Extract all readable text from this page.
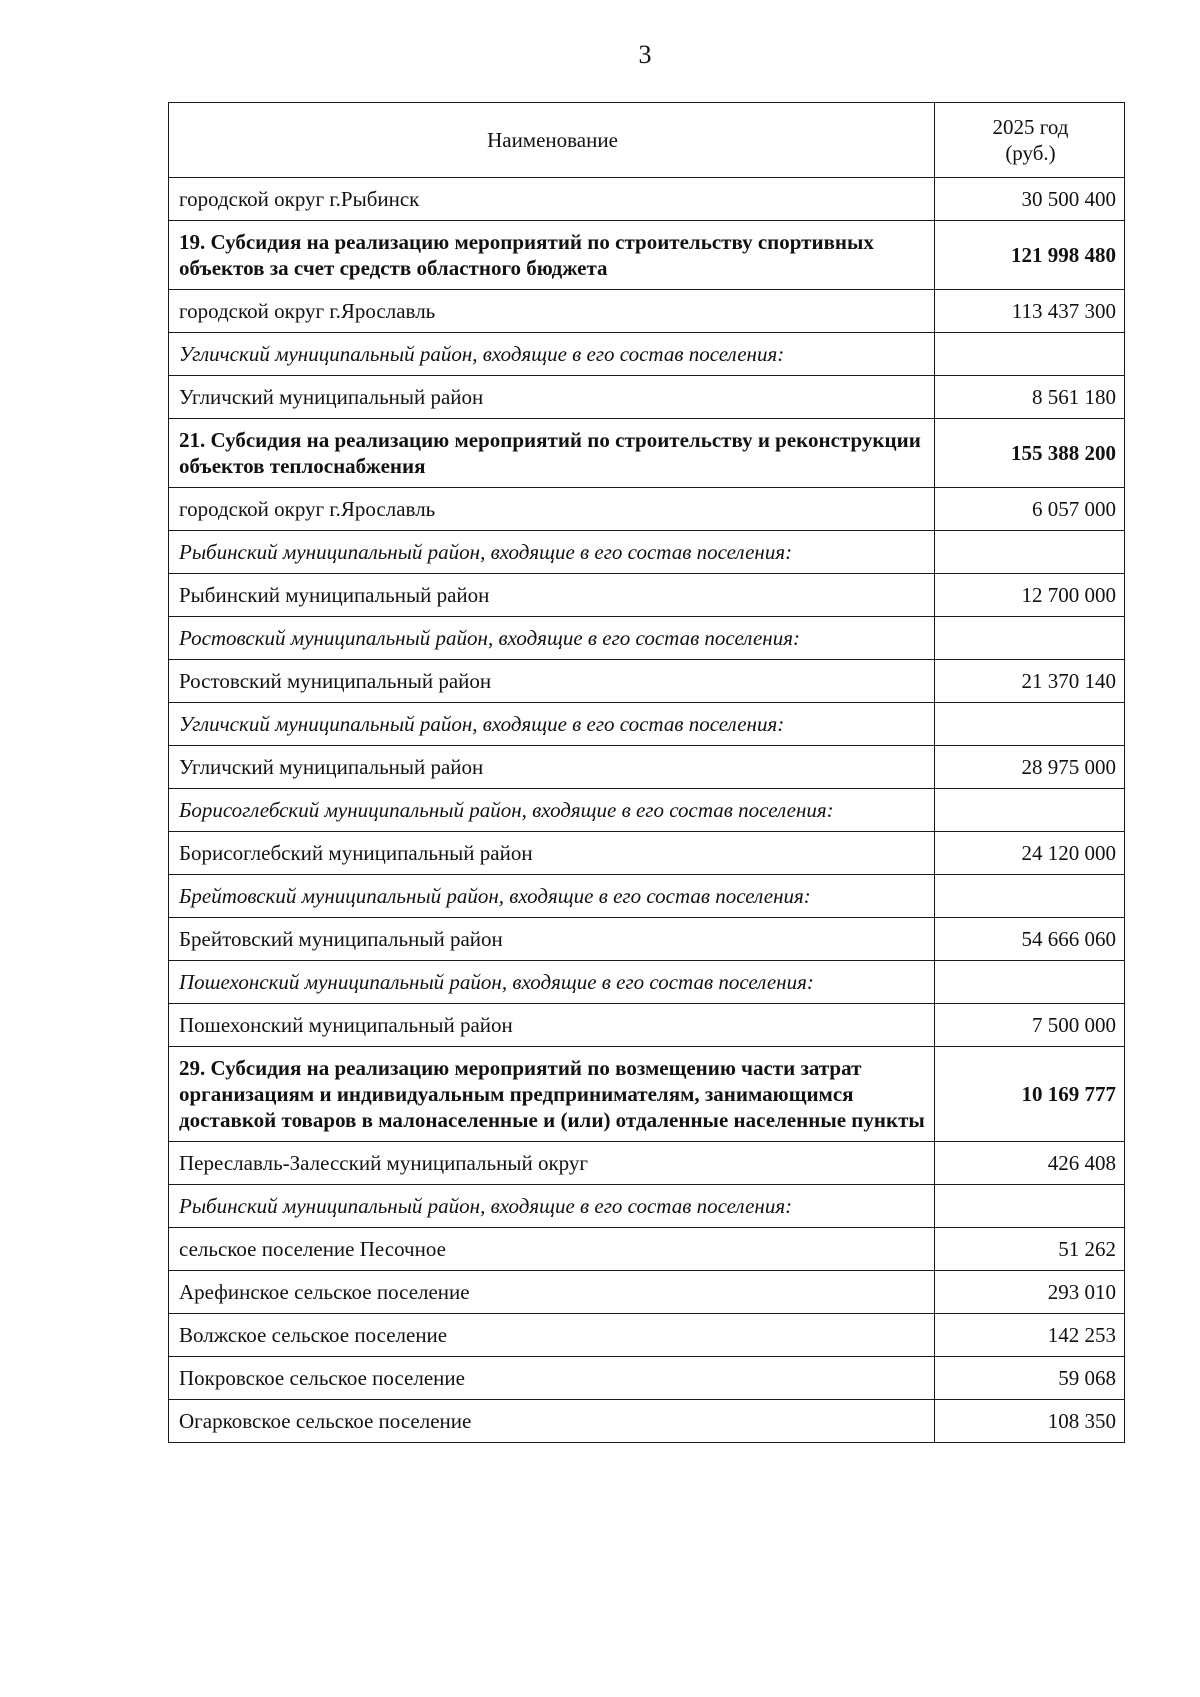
3
Наименование	2025 год
(руб.)
городской округ г.Рыбинск	30 500 400
19. Субсидия на реализацию мероприятий по строительству спортивных объектов за счет средств областного бюджета	121 998 480
городской округ г.Ярославль	113 437 300
Угличский муниципальный район, входящие в его состав поселения:	
Угличский муниципальный район	8 561 180
21. Субсидия на реализацию мероприятий по строительству и реконструкции объектов теплоснабжения	155 388 200
городской округ г.Ярославль	6 057 000
Рыбинский муниципальный район, входящие в его состав поселения:	
Рыбинский муниципальный район	12 700 000
Ростовский муниципальный район, входящие в его состав поселения:	
Ростовский муниципальный район	21 370 140
Угличский муниципальный район, входящие в его состав поселения:	
Угличский муниципальный район	28 975 000
Борисоглебский муниципальный район, входящие в его состав поселения:	
Борисоглебский муниципальный район	24 120 000
Брейтовский муниципальный район, входящие в его состав поселения:	
Брейтовский муниципальный район	54 666 060
Пошехонский муниципальный район, входящие в его состав поселения:	
Пошехонский муниципальный район	7 500 000
29. Субсидия на реализацию мероприятий по возмещению части затрат организациям и индивидуальным предпринимателям, занимающимся доставкой товаров в малонаселенные и (или) отдаленные населенные пункты	10 169 777
Переславль-Залесский муниципальный округ	426 408
Рыбинский муниципальный район, входящие в его состав поселения:	
сельское поселение Песочное	51 262
Арефинское сельское поселение	293 010
Волжское сельское поселение	142 253
Покровское сельское поселение	59 068
Огарковское сельское поселение	108 350
